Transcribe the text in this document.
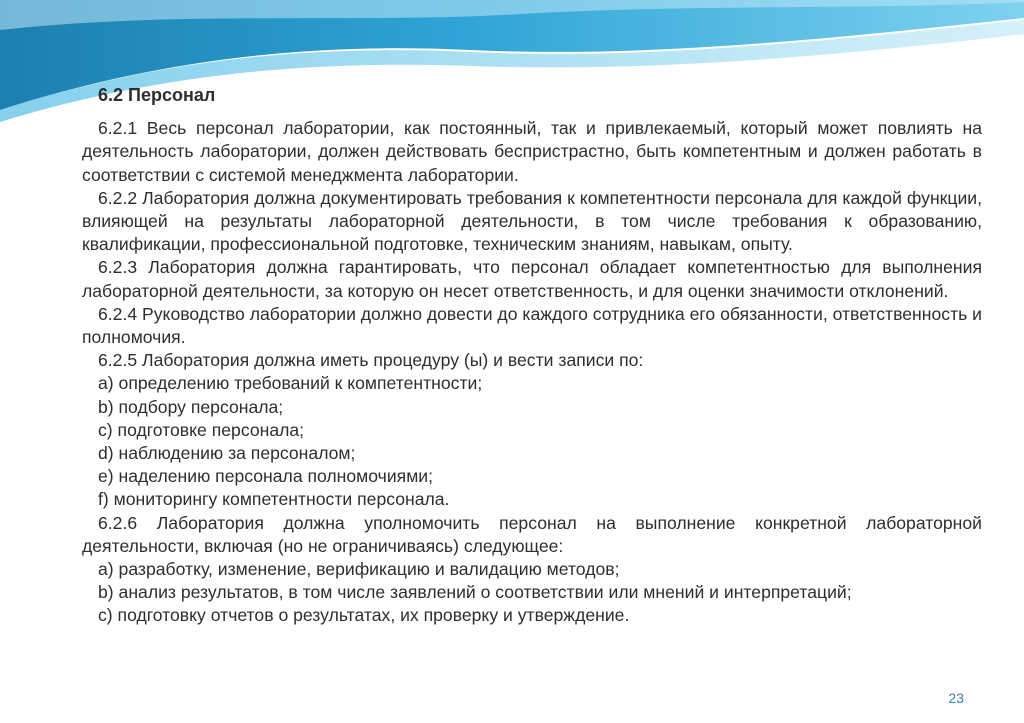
6.2 Персонал

6.2.1 Весь персонал лаборатории, как постоянный, так и привлекаемый, который может повлиять на деятельность лаборатории, должен действовать беспристрастно, быть компетентным и должен работать в соответствии с системой менеджмента лаборатории.

6.2.2 Лаборатория должна документировать требования к компетентности персонала для каждой функции, влияющей на результаты лабораторной деятельности, в том числе требования к образованию, квалификации, профессиональной подготовке, техническим знаниям, навыкам, опыту.

6.2.3 Лаборатория должна гарантировать, что персонал обладает компетентностью для выполнения лабораторной деятельности, за которую он несет ответственность, и для оценки значимости отклонений.

6.2.4 Руководство лаборатории должно довести до каждого сотрудника его обязанности, ответственность и полномочия.

6.2.5 Лаборатория должна иметь процедуру (ы) и вести записи по:

a) определению требований к компетентности;

b) подбору персонала;

c) подготовке персонала;

d) наблюдению за персоналом;

e) наделению персонала полномочиями;

f) мониторингу компетентности персонала.

6.2.6 Лаборатория должна уполномочить персонал на выполнение конкретной лабораторной деятельности, включая (но не ограничиваясь) следующее:

a) разработку, изменение, верификацию и валидацию методов;

b) анализ результатов, в том числе заявлений о соответствии или мнений и интерпретаций;

c) подготовку отчетов о результатах, их проверку и утверждение.

23
